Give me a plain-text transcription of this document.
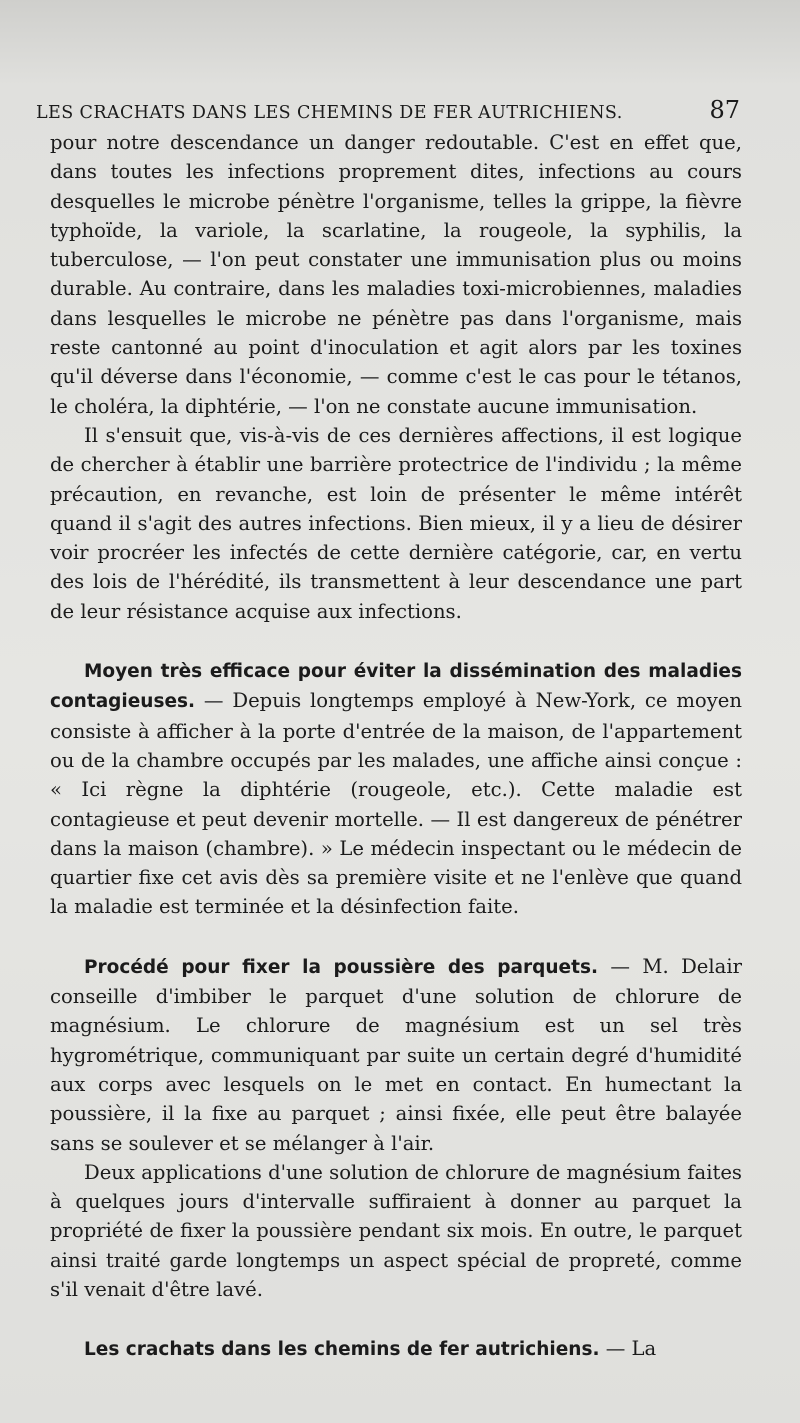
LES CRACHATS DANS LES CHEMINS DE FER AUTRICHIENS.	87

pour notre descendance un danger redoutable. C'est en effet que, dans toutes les infections proprement dites, infections au cours desquelles le microbe pénètre l'organisme, telles la grippe, la fièvre typhoïde, la variole, la scarlatine, la rougeole, la syphilis, la tuberculose, — l'on peut constater une immunisation plus ou moins durable. Au contraire, dans les maladies toxi-microbiennes, maladies dans lesquelles le microbe ne pénètre pas dans l'organisme, mais reste cantonné au point d'inoculation et agit alors par les toxines qu'il déverse dans l'économie, — comme c'est le cas pour le tétanos, le choléra, la diphtérie, — l'on ne constate aucune immunisation.

Il s'ensuit que, vis-à-vis de ces dernières affections, il est logique de chercher à établir une barrière protectrice de l'individu ; la même précaution, en revanche, est loin de présenter le même intérêt quand il s'agit des autres infections. Bien mieux, il y a lieu de désirer voir procréer les infectés de cette dernière catégorie, car, en vertu des lois de l'hérédité, ils transmettent à leur descendance une part de leur résistance acquise aux infections.

Moyen très efficace pour éviter la dissémination des maladies contagieuses. — Depuis longtemps employé à New-York, ce moyen consiste à afficher à la porte d'entrée de la maison, de l'appartement ou de la chambre occupés par les malades, une affiche ainsi conçue : « Ici règne la diphtérie (rougeole, etc.). Cette maladie est contagieuse et peut devenir mortelle. — Il est dangereux de pénétrer dans la maison (chambre). » Le médecin inspectant ou le médecin de quartier fixe cet avis dès sa première visite et ne l'enlève que quand la maladie est terminée et la désinfection faite.

Procédé pour fixer la poussière des parquets. — M. Delair conseille d'imbiber le parquet d'une solution de chlorure de magnésium. Le chlorure de magnésium est un sel très hygrométrique, communiquant par suite un certain degré d'humidité aux corps avec lesquels on le met en contact. En humectant la poussière, il la fixe au parquet ; ainsi fixée, elle peut être balayée sans se soulever et se mélanger à l'air.

Deux applications d'une solution de chlorure de magnésium faites à quelques jours d'intervalle suffiraient à donner au parquet la propriété de fixer la poussière pendant six mois. En outre, le parquet ainsi traité garde longtemps un aspect spécial de propreté, comme s'il venait d'être lavé.

Les crachats dans les chemins de fer autrichiens. — La
